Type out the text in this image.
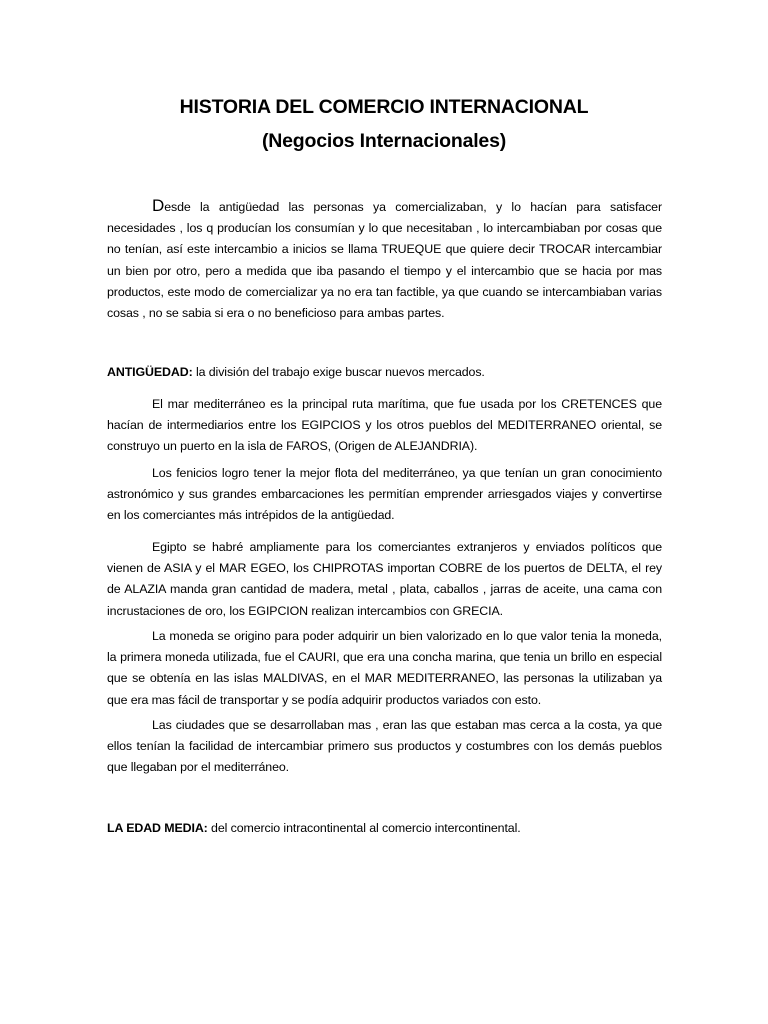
HISTORIA DEL COMERCIO INTERNACIONAL
(Negocios Internacionales)
Desde la antigüedad las personas ya comercializaban, y lo hacían para satisfacer necesidades , los q producían los consumían y lo que necesitaban , lo intercambiaban por cosas que no tenían, así este intercambio a inicios se llama TRUEQUE que quiere decir TROCAR intercambiar un bien por otro, pero a medida que iba pasando el tiempo y el intercambio que se hacia por mas productos, este modo de comercializar ya no era tan factible, ya que cuando se intercambiaban varias cosas , no se sabia si era o no beneficioso para ambas partes.
ANTIGÜEDAD: la división del trabajo exige buscar nuevos mercados.
El mar mediterráneo es la principal ruta marítima, que fue usada por los CRETENCES que hacían de intermediarios entre los EGIPCIOS y los otros pueblos del MEDITERRANEO oriental, se construyo un puerto en la isla de FAROS, (Origen de ALEJANDRIA).
Los fenicios logro tener la mejor flota del mediterráneo, ya que tenían un gran conocimiento astronómico y sus grandes embarcaciones les permitían emprender arriesgados viajes y convertirse en los comerciantes más intrépidos de la antigüedad.
Egipto se habré ampliamente para los comerciantes extranjeros y enviados políticos que vienen de ASIA y el MAR EGEO, los CHIPROTAS importan COBRE de los puertos de DELTA, el rey de ALAZIA manda gran cantidad de madera, metal , plata, caballos , jarras de aceite, una cama con incrustaciones de oro, los EGIPCION realizan intercambios con GRECIA.
La moneda se origino para poder adquirir un bien valorizado en lo que valor tenia la moneda, la primera moneda utilizada, fue el CAURI, que era una concha marina, que tenia un brillo en especial que se obtenía en las islas MALDIVAS, en el MAR MEDITERRANEO, las personas la utilizaban ya que era mas fácil de transportar y se podía adquirir productos variados con esto.
Las ciudades que se desarrollaban mas , eran las que estaban mas cerca a la costa, ya que ellos tenían la facilidad de intercambiar primero sus productos y costumbres con los demás pueblos que llegaban por el mediterráneo.
LA EDAD MEDIA: del comercio intracontinental al comercio intercontinental.
